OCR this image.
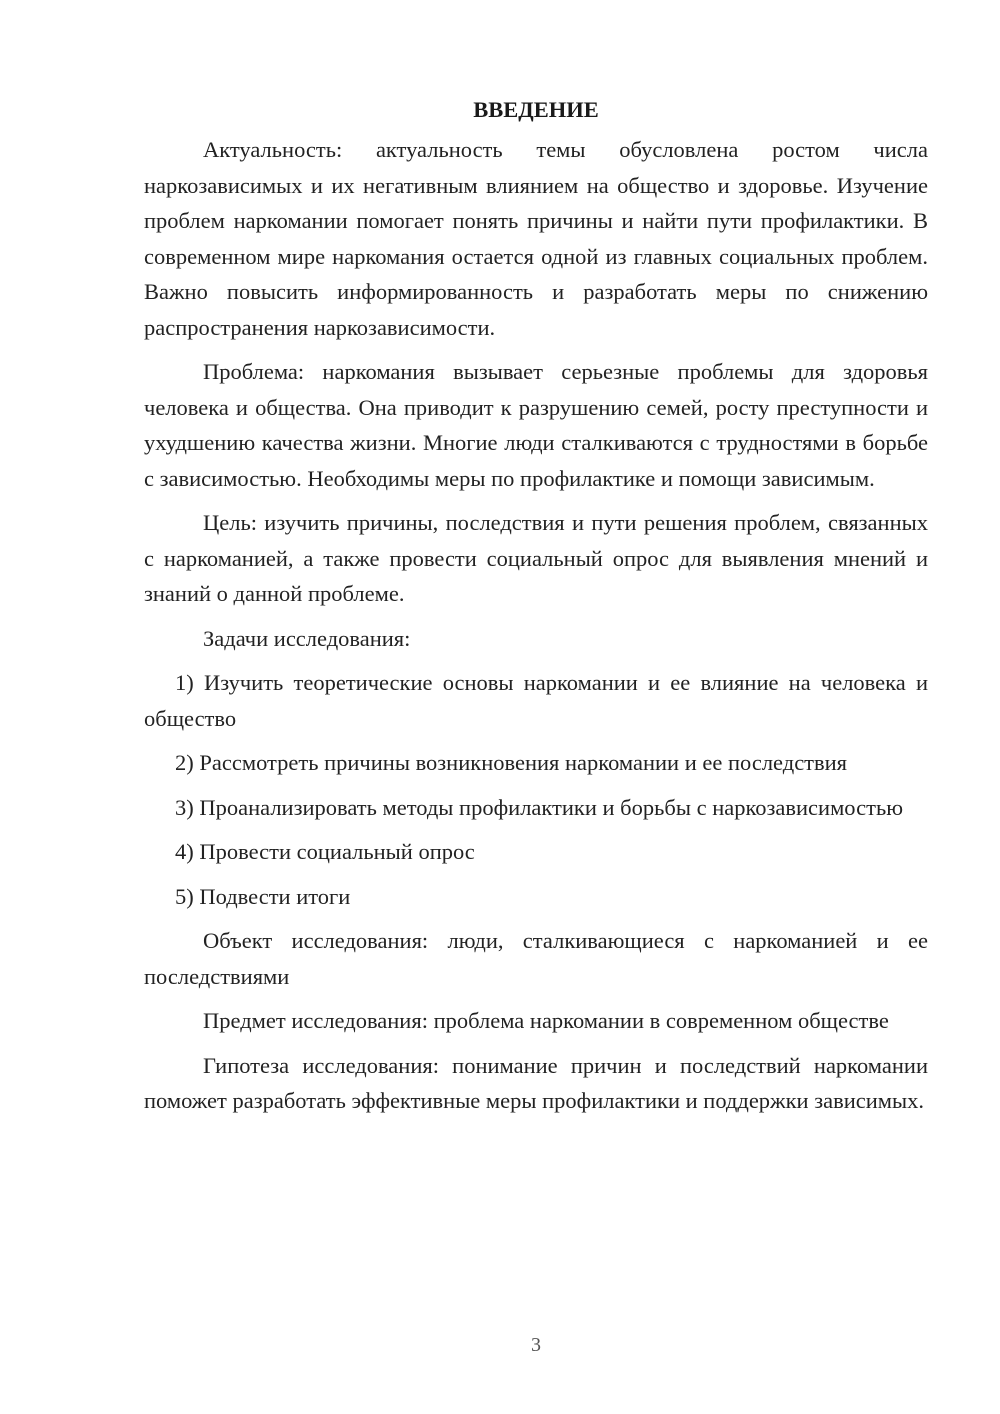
ВВЕДЕНИЕ

Актуальность: актуальность темы обусловлена ростом числа наркозависимых и их негативным влиянием на общество и здоровье. Изучение проблем наркомании помогает понять причины и найти пути профилактики. В современном мире наркомания остается одной из главных социальных проблем. Важно повысить информированность и разработать меры по снижению распространения наркозависимости.

Проблема: наркомания вызывает серьезные проблемы для здоровья человека и общества. Она приводит к разрушению семей, росту преступности и ухудшению качества жизни. Многие люди сталкиваются с трудностями в борьбе с зависимостью. Необходимы меры по профилактике и помощи зависимым.

Цель: изучить причины, последствия и пути решения проблем, связанных с наркоманией, а также провести социальный опрос для выявления мнений и знаний о данной проблеме.

Задачи исследования:

1) Изучить теоретические основы наркомании и ее влияние на человека и общество

2) Рассмотреть причины возникновения наркомании и ее последствия

3) Проанализировать методы профилактики и борьбы с наркозависимостью

4) Провести социальный опрос

5) Подвести итоги

Объект исследования: люди, сталкивающиеся с наркоманией и ее последствиями

Предмет исследования: проблема наркомании в современном обществе

Гипотеза исследования: понимание причин и последствий наркомании поможет разработать эффективные меры профилактики и поддержки зависимых.

3
